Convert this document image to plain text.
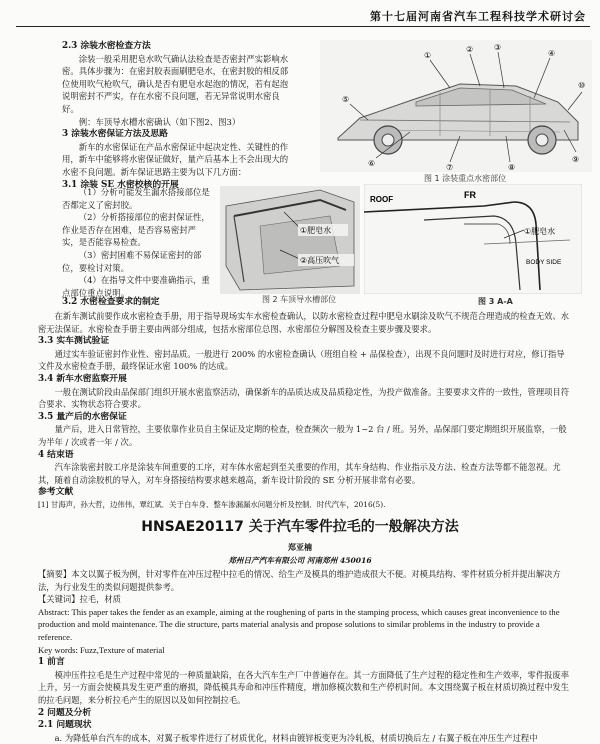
第十七届河南省汽车工程科技学术研讨会

2.3 涂装水密检查方法

涂装一般采用肥皂水吹气确认法检查是否密封严实影响水密。具体步骤为：在密封胶表面刷肥皂水，在密封胶的相反部位使用吹气枪吹气，确认是否有肥皂水起泡的情况，若有起泡说明密封不严实，存在水密不良问题，若无异常说明水密良好。

例：车顶导水槽水密确认（如下图2、图3）

3 涂装水密保证方法及思路

新车的水密保证在产品水密保证中起决定性、关键性的作用，新车中能够将水密保证做好，量产后基本上不会出现大的水密不良问题。新车保证思路主要为以下几方面：

3.1 涂装 SE 水密校核的开展

（1）分析可能发生漏水搭接部位是否都定义了密封胶。

（2）分析搭接部位的密封保证性，作业是否存在困难，是否容易密封严实，是否能容易检查。

（3）密封困难不易保证密封的部位，要检讨对策。

（4）在指导文件中要准确指示，重点部位重点说明。

3.2 水密检查要求的制定

①
②	③
④
⑤
⑥	⑦	⑧
⑨
⑩
图 1 涂装重点水密部位
①肥皂水
②高压吹气
图 2 车顶导水槽部位
ROOF	FR
①肥皂水
BODY SIDE
图 3 A-A

在新车测试前要作成水密检查手册，用于指导现场实车水密检查确认，以防水密检查过程中肥皂水刷涂及吹气不规范合理造成的检查无效、水密无法保证。水密检查手册主要由两部分组成，包括水密部位总图、水密部位分解图及检查主要步骤及要求。

3.3 实车测试验证

通过实车验证密封作业性、密封品质。一般进行 200% 的水密检查确认（班组自检 + 品保检查），出现不良问题时及时进行对应，修订指导文件及水密检查手册，最终保证水密 100% 的达成。

3.4 新车水密监察开展

一般在测试阶段由品保部门组织开展水密监察活动，确保新车的品质达成及品质稳定性，为投产做准备。主要要求文件的一致性，管理项目符合要求、实物状态符合要求。

3.5 量产后的水密保证

量产后，进入日常管控，主要依靠作业员自主保证及定期的检查，检查频次一般为 1~2 台 / 班。另外，品保部门要定期组织开展监察，一般为半年 / 次或者一年 / 次。

4 结束语

汽车涂装密封胶工序是涂装车间重要的工序，对车体水密起到至关重要的作用，其车身结构、作业指示及方法、检查方法等都不能忽视。尤其，随着自动涂胶机的导入，对车身搭接结构要求越来越高，新车设计阶段的 SE 分析开展非常有必要。

参考文献

[1] 甘海声，孙大哲，边伟伟，覃红斌．关于白车身、整车渗漏漏水问题分析及控制．时代汽车，2016(5).

HNSAE20117 关于汽车零件拉毛的一般解决方法
郑亚楠
郑州日产汽车有限公司 河南郑州 450016

【摘要】本文以翼子板为例，针对零件在冲压过程中拉毛的情况、给生产及模具的维护造成很大不便。对模具结构、零件材质分析并提出解决方法，为行业发生的类似问题提供参考。

【关键词】拉毛，材质

Abstract: This paper takes the fender as an example, aiming at the roughening of parts in the stamping process, which causes great inconvenience to the production and mold maintenance. The die structure, parts material analysis and propose solutions to similar problems in the industry to provide a reference.

Key words: Fuzz,Texture of material

1 前言

模冲压件拉毛是生产过程中常见的一种质量缺陷，在各大汽车生产厂中普遍存在。其一方面降低了生产过程的稳定性和生产效率，零件报废率上升，另一方面会使模具发生更严重的磨损，降低模具寿命和冲压件精度，增加修模次数和生产停机时间。本文围绕翼子板在材质切换过程中发生的拉毛问题，来分析拉毛产生的原因以及如何控制拉毛。

2 问题及分析

2.1 问题现状

a. 为降低单台汽车的成本，对翼子板零件进行了材质优化，材料由镀锌板变更为冷轧板，材质切换后左 / 右翼子板在冲压生产过程中
